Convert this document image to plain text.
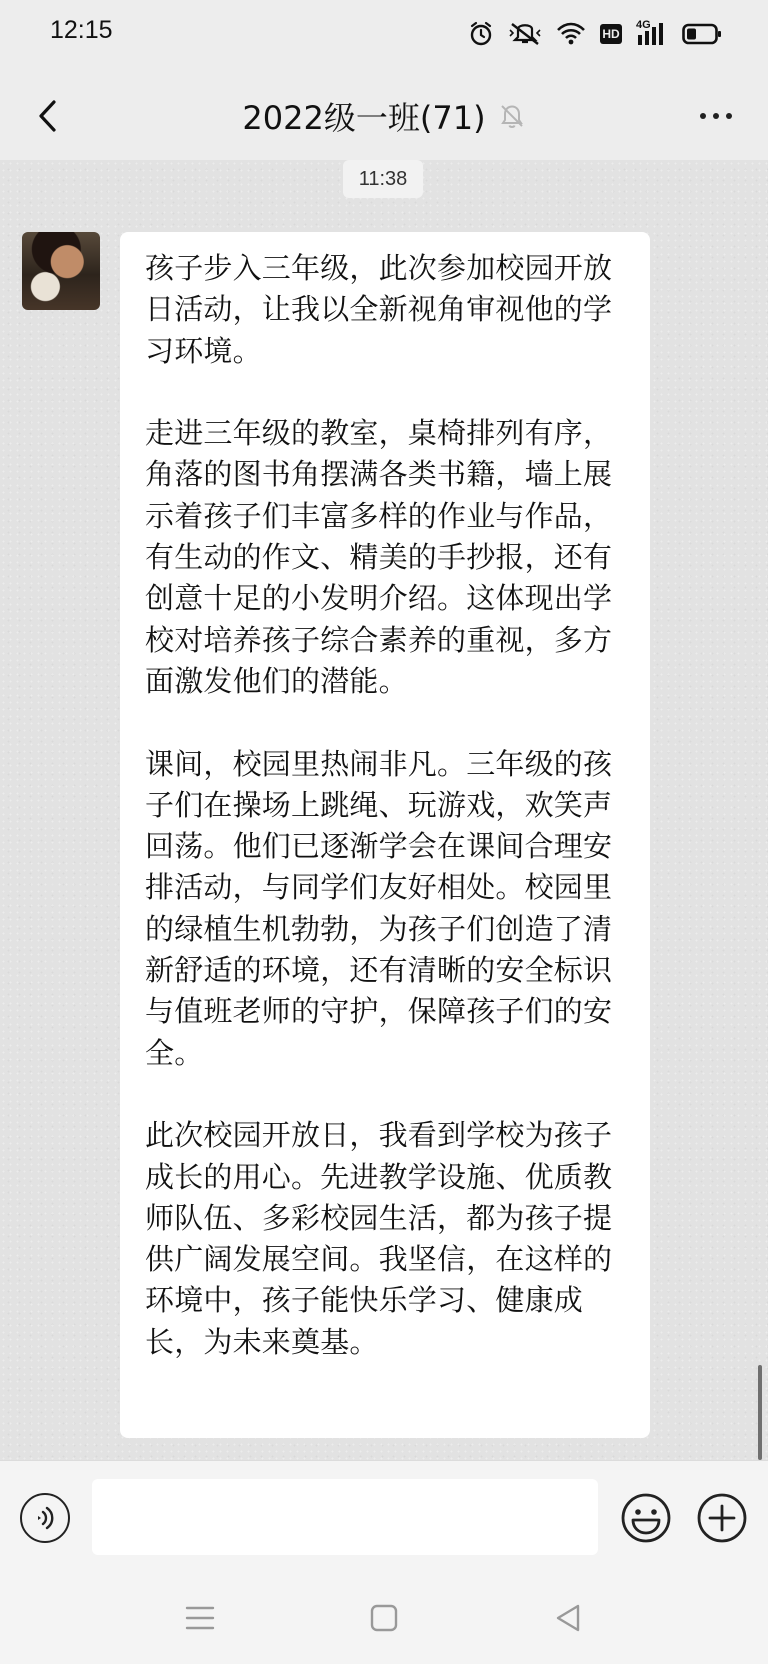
12:15	HD
4G
2022级一班(71)
11:38

孩子步入三年级，此次参加校园开放日活动，让我以全新视角审视他的学习环境。

走进三年级的教室，桌椅排列有序，角落的图书角摆满各类书籍，墙上展示着孩子们丰富多样的作业与作品，有生动的作文、精美的手抄报，还有创意十足的小发明介绍。这体现出学校对培养孩子综合素养的重视，多方面激发他们的潜能。

课间，校园里热闹非凡。三年级的孩子们在操场上跳绳、玩游戏，欢笑声回荡。他们已逐渐学会在课间合理安排活动，与同学们友好相处。校园里的绿植生机勃勃，为孩子们创造了清新舒适的环境，还有清晰的安全标识与值班老师的守护，保障孩子们的安全。

此次校园开放日，我看到学校为孩子成长的用心。先进教学设施、优质教师队伍、多彩校园生活，都为孩子提供广阔发展空间。我坚信，在这样的环境中，孩子能快乐学习、健康成长，为未来奠基。
